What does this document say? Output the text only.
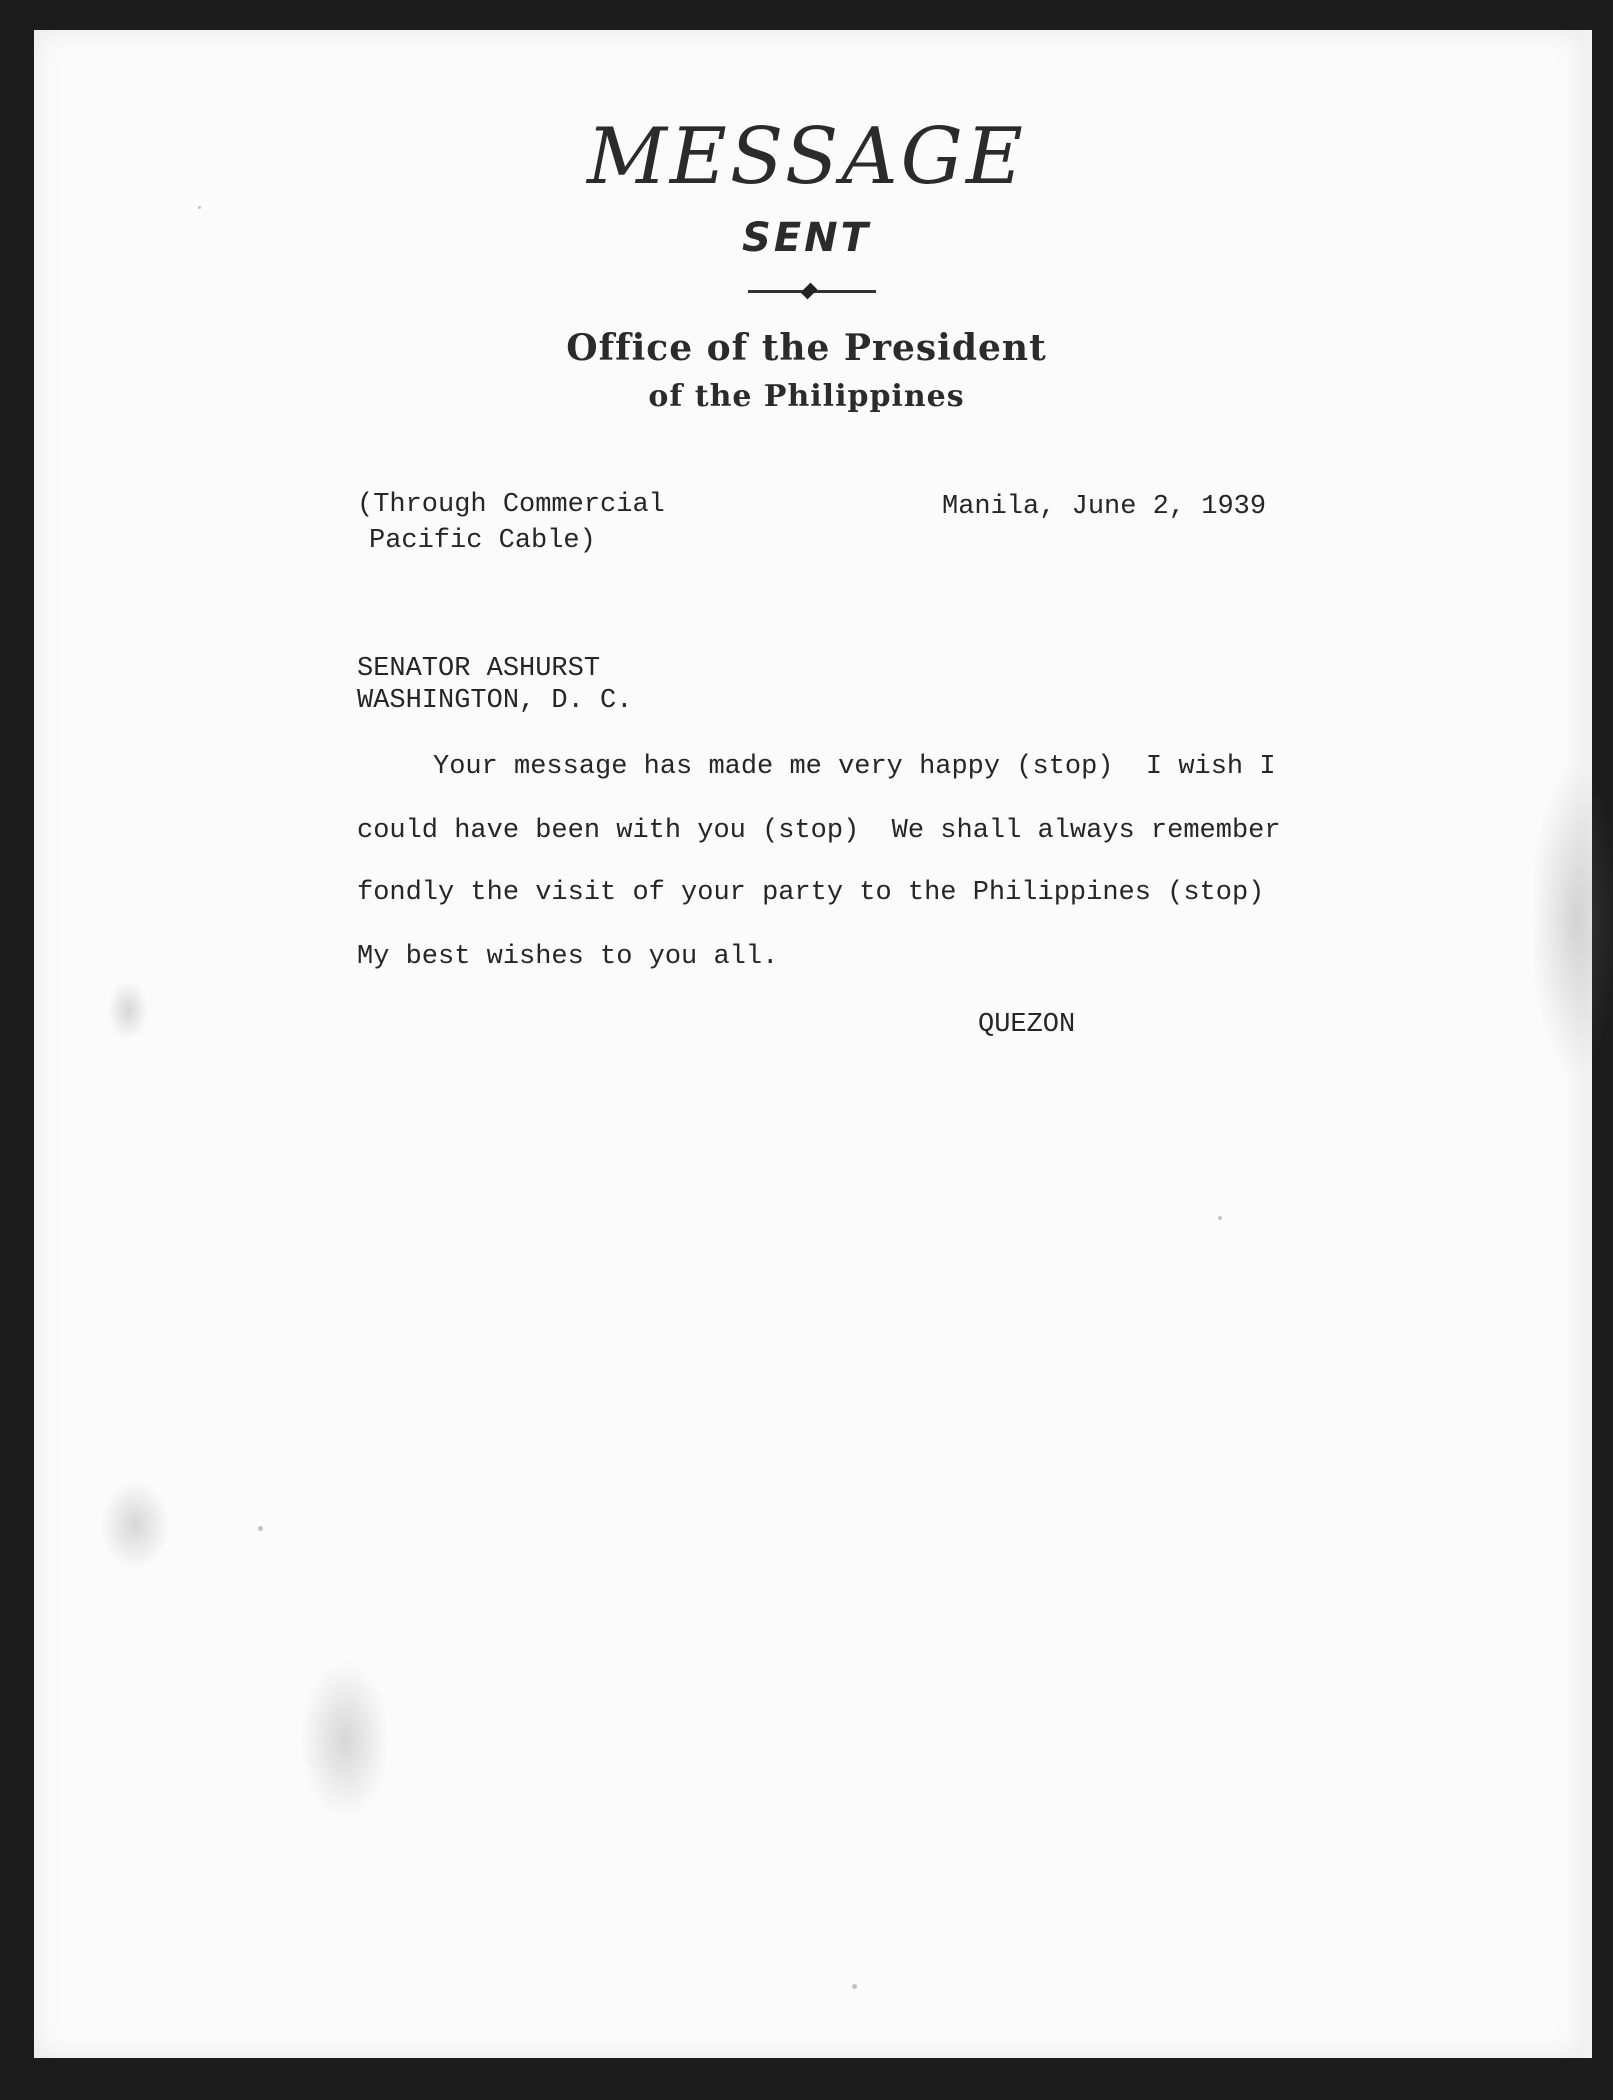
MESSAGE
SENT
Office of the President
of the Philippines
(Through Commercial
Pacific Cable)
Manila, June 2, 1939
SENATOR ASHURST
WASHINGTON, D. C.
Your message has made me very happy (stop)  I wish I
could have been with you (stop)  We shall always remember
fondly the visit of your party to the Philippines (stop)
My best wishes to you all.
QUEZON
